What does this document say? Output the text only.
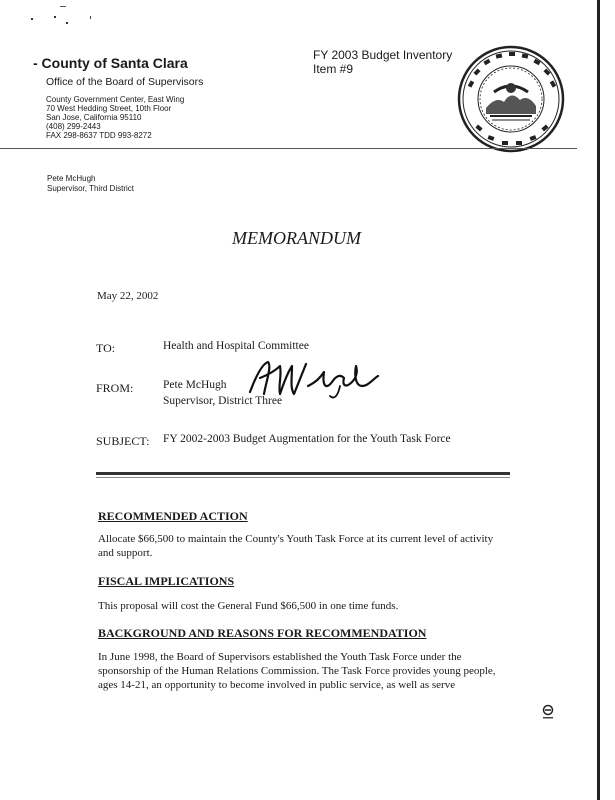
- County of Santa Clara
Office of the Board of Supervisors
County Government Center, East Wing
70 West Hedding Street, 10th Floor
San Jose, California 95110
(408) 299-2443
FAX 298-8637 TDD 993-8272
FY 2003 Budget Inventory
Item #9
Pete McHugh
Supervisor, Third District
MEMORANDUM
May 22, 2002
TO:	Health and Hospital Committee
FROM:	Pete McHugh
Supervisor, District Three
SUBJECT: FY 2002-2003 Budget Augmentation for the Youth Task Force
RECOMMENDED ACTION
Allocate $66,500 to maintain the County's Youth Task Force at its current level of activity and support.
FISCAL IMPLICATIONS
This proposal will cost the General Fund $66,500 in one time funds.
BACKGROUND AND REASONS FOR RECOMMENDATION
In June 1998, the Board of Supervisors established the Youth Task Force under the sponsorship of the Human Relations Commission. The Task Force provides young people, ages 14-21, an opportunity to become involved in public service, as well as serve
